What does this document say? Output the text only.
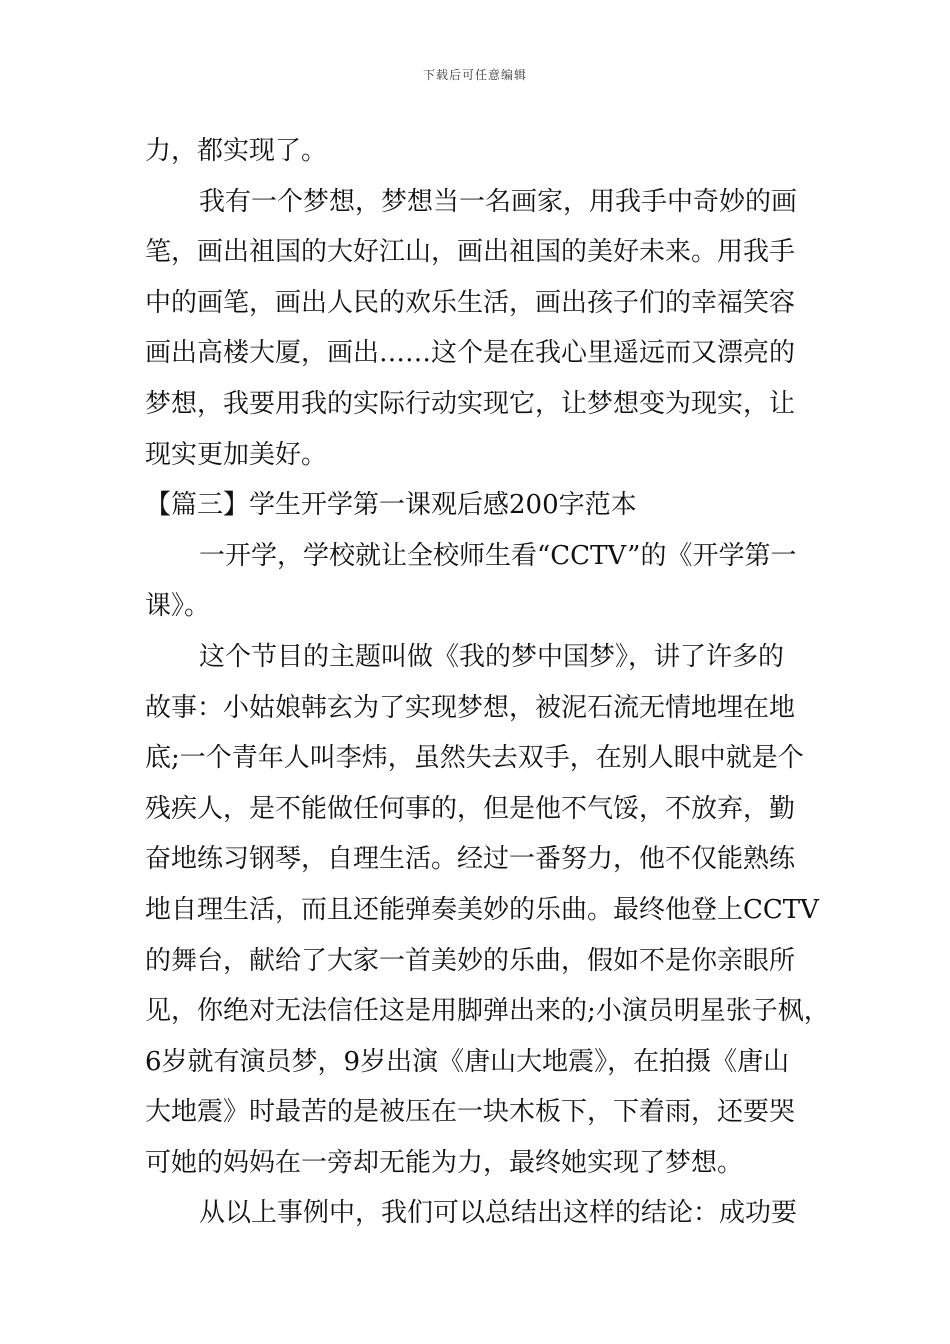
下载后可任意编辑
力，都实现了。
我有一个梦想，梦想当一名画家，用我手中奇妙的画
笔，画出祖国的大好江山，画出祖国的美好未来。用我手
中的画笔，画出人民的欢乐生活，画出孩子们的幸福笑容
画出高楼大厦，画出……这个是在我心里遥远而又漂亮的
梦想，我要用我的实际行动实现它，让梦想变为现实，让
现实更加美好。
【篇三】学生开学第一课观后感200字范本
一开学，学校就让全校师生看“CCTV”的《开学第一
课》。
这个节目的主题叫做《我的梦中国梦》，讲了许多的
故事：小姑娘韩玄为了实现梦想，被泥石流无情地埋在地
底;一个青年人叫李炜，虽然失去双手，在别人眼中就是个
残疾人，是不能做任何事的，但是他不气馁，不放弃，勤
奋地练习钢琴，自理生活。经过一番努力，他不仅能熟练
地自理生活，而且还能弹奏美妙的乐曲。最终他登上CCTV
的舞台，献给了大家一首美妙的乐曲，假如不是你亲眼所
见，你绝对无法信任这是用脚弹出来的;小演员明星张子枫，
6岁就有演员梦，9岁出演《唐山大地震》，在拍摄《唐山
大地震》时最苦的是被压在一块木板下，下着雨，还要哭
可她的妈妈在一旁却无能为力，最终她实现了梦想。
从以上事例中，我们可以总结出这样的结论：成功要
